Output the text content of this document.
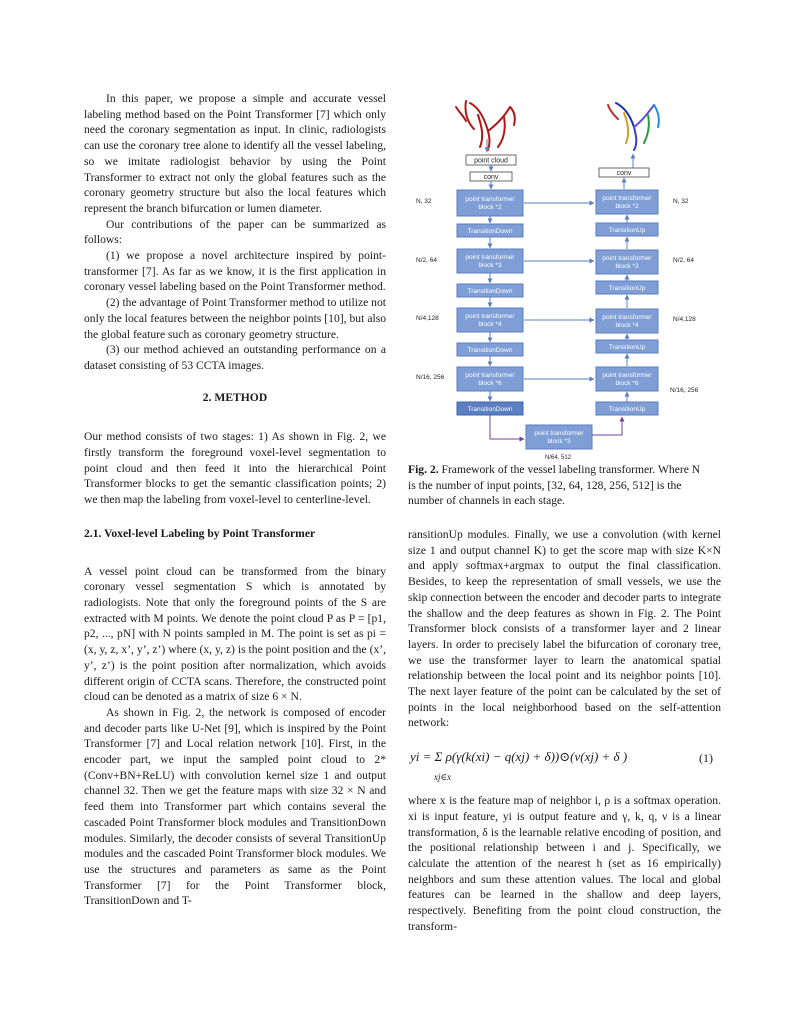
In this paper, we propose a simple and accurate vessel labeling method based on the Point Transformer [7] which only need the coronary segmentation as input. In clinic, radiologists can use the coronary tree alone to identify all the vessel labeling, so we imitate radiologist behavior by using the Point Transformer to extract not only the global features such as the coronary geometry structure but also the local features which represent the branch bifurcation or lumen diameter.

Our contributions of the paper can be summarized as follows:

(1) we propose a novel architecture inspired by point-transformer [7]. As far as we know, it is the first application in coronary vessel labeling based on the Point Transformer method.

(2) the advantage of Point Transformer method to utilize not only the local features between the neighbor points [10], but also the global feature such as coronary geometry structure.

(3) our method achieved an outstanding performance on a dataset consisting of 53 CCTA images.

2. METHOD

Our method consists of two stages: 1) As shown in Fig. 2, we firstly transform the foreground voxel-level segmentation to point cloud and then feed it into the hierarchical Point Transformer blocks to get the semantic classification points; 2) we then map the labeling from voxel-level to centerline-level.

2.1. Voxel-level Labeling by Point Transformer

A vessel point cloud can be transformed from the binary coronary vessel segmentation S which is annotated by radiologists. Note that only the foreground points of the S are extracted with M points. We denote the point cloud P as P = [p1, p2, ..., pN] with N points sampled in M. The point is set as pi = (x, y, z, x’, y’, z’) where (x, y, z) is the point position and the (x’, y’, z’) is the point position after normalization, which avoids different origin of CCTA scans. Therefore, the constructed point cloud can be denoted as a matrix of size 6 × N.

As shown in Fig. 2, the network is composed of encoder and decoder parts like U-Net [9], which is inspired by the Point Transformer [7] and Local relation network [10]. First, in the encoder part, we input the sampled point cloud to 2*(Conv+BN+ReLU) with convolution kernel size 1 and output channel 32. Then we get the feature maps with size 32 × N and feed them into Transformer part which contains several the cascaded Point Transformer block modules and TransitionDown modules. Similarly, the decoder consists of several TransitionUp modules and the cascaded Point Transformer block modules. We use the structures and parameters as same as the Point Transformer [7] for the Point Transformer block, TransitionDown and T-

point cloud
conv
point transformer
block *2
N, 32
TransitionDown
point transformer
block *3
N/2, 64
TransitionDown
point transformer
block *4
N/4,128
TransitionDown
point transformer
block *6
N/16, 256
TransitionDown
point transformer
block *3
N/64, 512
conv
point transformer
block *2
N, 32
TransitionUp
point transformer
block *3
N/2, 64
TransitionUp
point transformer
block *4
N/4,128
TransitionUp
point transformer
block *6
N/16, 256
TransitionUp
Fig. 2. Framework of the vessel labeling transformer. Where N is the number of input points, [32, 64, 128, 256, 512] is the number of channels in each stage.

ransitionUp modules. Finally, we use a convolution (with kernel size 1 and output channel K) to get the score map with size K×N and apply softmax+argmax to output the final classification. Besides, to keep the representation of small vessels, we use the skip connection between the encoder and decoder parts to integrate the shallow and the deep features as shown in Fig. 2. The Point Transformer block consists of a transformer layer and 2 linear layers. In order to precisely label the bifurcation of coronary tree, we use the transformer layer to learn the anatomical spatial relationship between the local point and its neighbor points [10]. The next layer feature of the point can be calculated by the set of points in the local neighborhood based on the self-attention network:

yi = Σ ρ(γ(k(xi) − q(xj) + δ))⊙(ν(xj) + δ )
xj∈x
(1)

where x is the feature map of neighbor i, ρ is a softmax operation. xi is input feature, yi is output feature and γ, k, q, ν is a linear transformation, δ is the learnable relative encoding of position, and the positional relationship between i and j. Specifically, we calculate the attention of the nearest h (set as 16 empirically) neighbors and sum these attention values. The local and global features can be learned in the shallow and deep layers, respectively. Benefiting from the point cloud construction, the transform-
